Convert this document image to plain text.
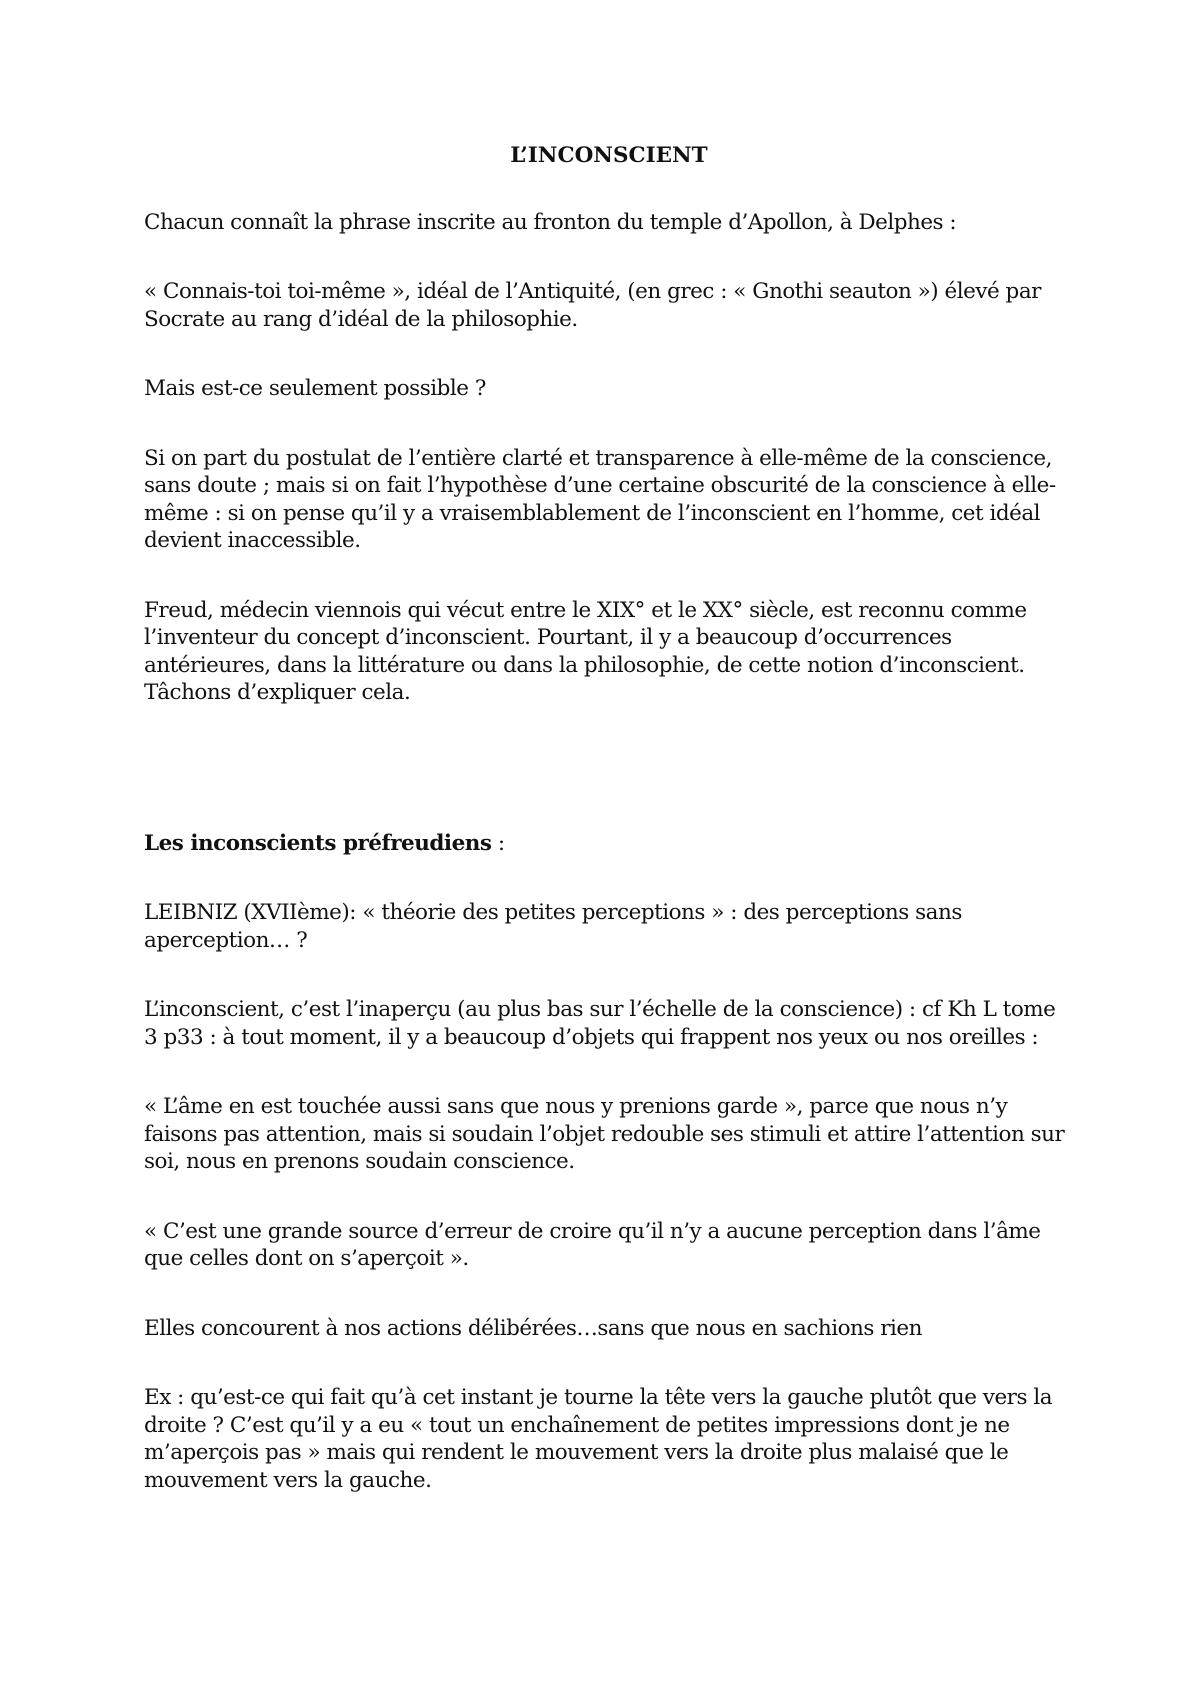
L’INCONSCIENT

Chacun connaît la phrase inscrite au fronton du temple d’Apollon, à Delphes :

« Connais-toi toi-même », idéal de l’Antiquité, (en grec : « Gnothi seauton ») élevé par Socrate au rang d’idéal de la philosophie.

Mais est-ce seulement possible ?

Si on part du postulat de l’entière clarté et transparence à elle-même de la conscience, sans doute ; mais si on fait l’hypothèse d’une certaine obscurité de la conscience à elle-même : si on pense qu’il y a vraisemblablement de l’inconscient en l’homme, cet idéal devient inaccessible.

Freud, médecin viennois qui vécut entre le XIX° et le XX° siècle, est reconnu comme l’inventeur du concept d’inconscient. Pourtant, il y a beaucoup d’occurrences antérieures, dans la littérature ou dans la philosophie, de cette notion d’inconscient. Tâchons d’expliquer cela.

Les inconscients préfreudiens :

LEIBNIZ (XVIIème): « théorie des petites perceptions » : des perceptions sans aperception… ?

L’inconscient, c’est l’inaperçu (au plus bas sur l’échelle de la conscience) : cf Kh L tome 3 p33 : à tout moment, il y a beaucoup d’objets qui frappent nos yeux ou nos oreilles :

« L’âme en est touchée aussi sans que nous y prenions garde », parce que nous n’y faisons pas attention, mais si soudain l’objet redouble ses stimuli et attire l’attention sur soi, nous en prenons soudain conscience.

« C’est une grande source d’erreur de croire qu’il n’y a aucune perception dans l’âme que celles dont on s’aperçoit ».

Elles concourent à nos actions délibérées…sans que nous en sachions rien

Ex : qu’est-ce qui fait qu’à cet instant je tourne la tête vers la gauche plutôt que vers la droite ? C’est qu’il y a eu « tout un enchaînement de petites impressions dont je ne m’aperçois pas » mais qui rendent le mouvement vers la droite plus malaisé que le mouvement vers la gauche.
